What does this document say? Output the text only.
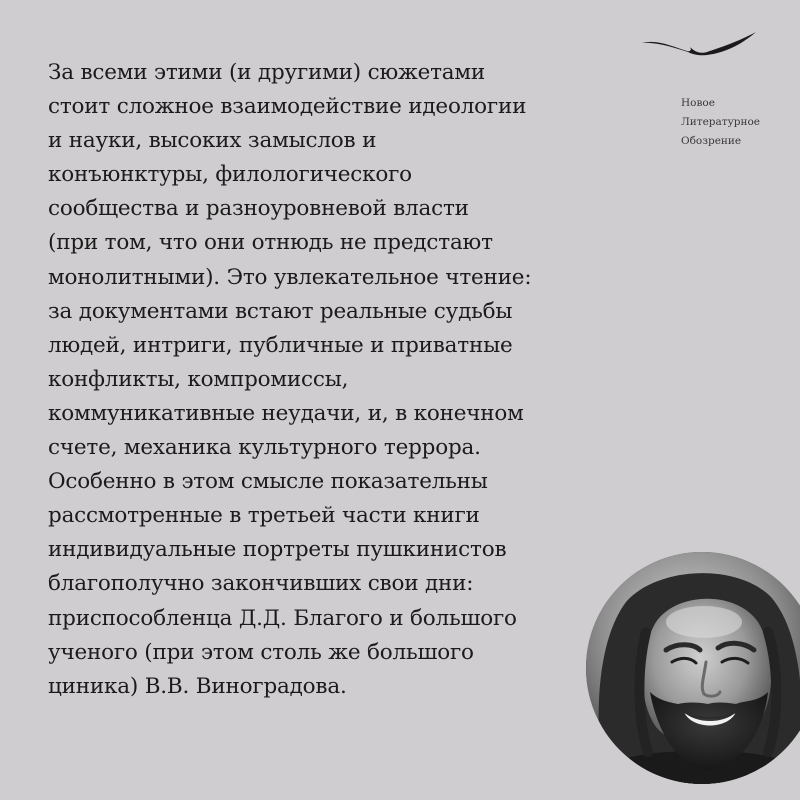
За всеми этими (и другими) сюжетами
стоит сложное взаимодействие идеологии
и науки, высоких замыслов и
конъюнктуры, филологического
сообщества и разноуровневой власти
(при том, что они отнюдь не предстают
монолитными). Это увлекательное чтение:
за документами встают реальные судьбы
людей, интриги, публичные и приватные
конфликты, компромиссы,
коммуникативные неудачи, и, в конечном
счете, механика культурного террора.
Особенно в этом смысле показательны
рассмотренные в третьей части книги
индивидуальные портреты пушкинистов
благополучно закончивших свои дни:
приспособленца Д.Д. Благого и большого
ученого (при этом столь же большого
циника) В.В. Виноградова.
Новое
Литературное
Обозрение
